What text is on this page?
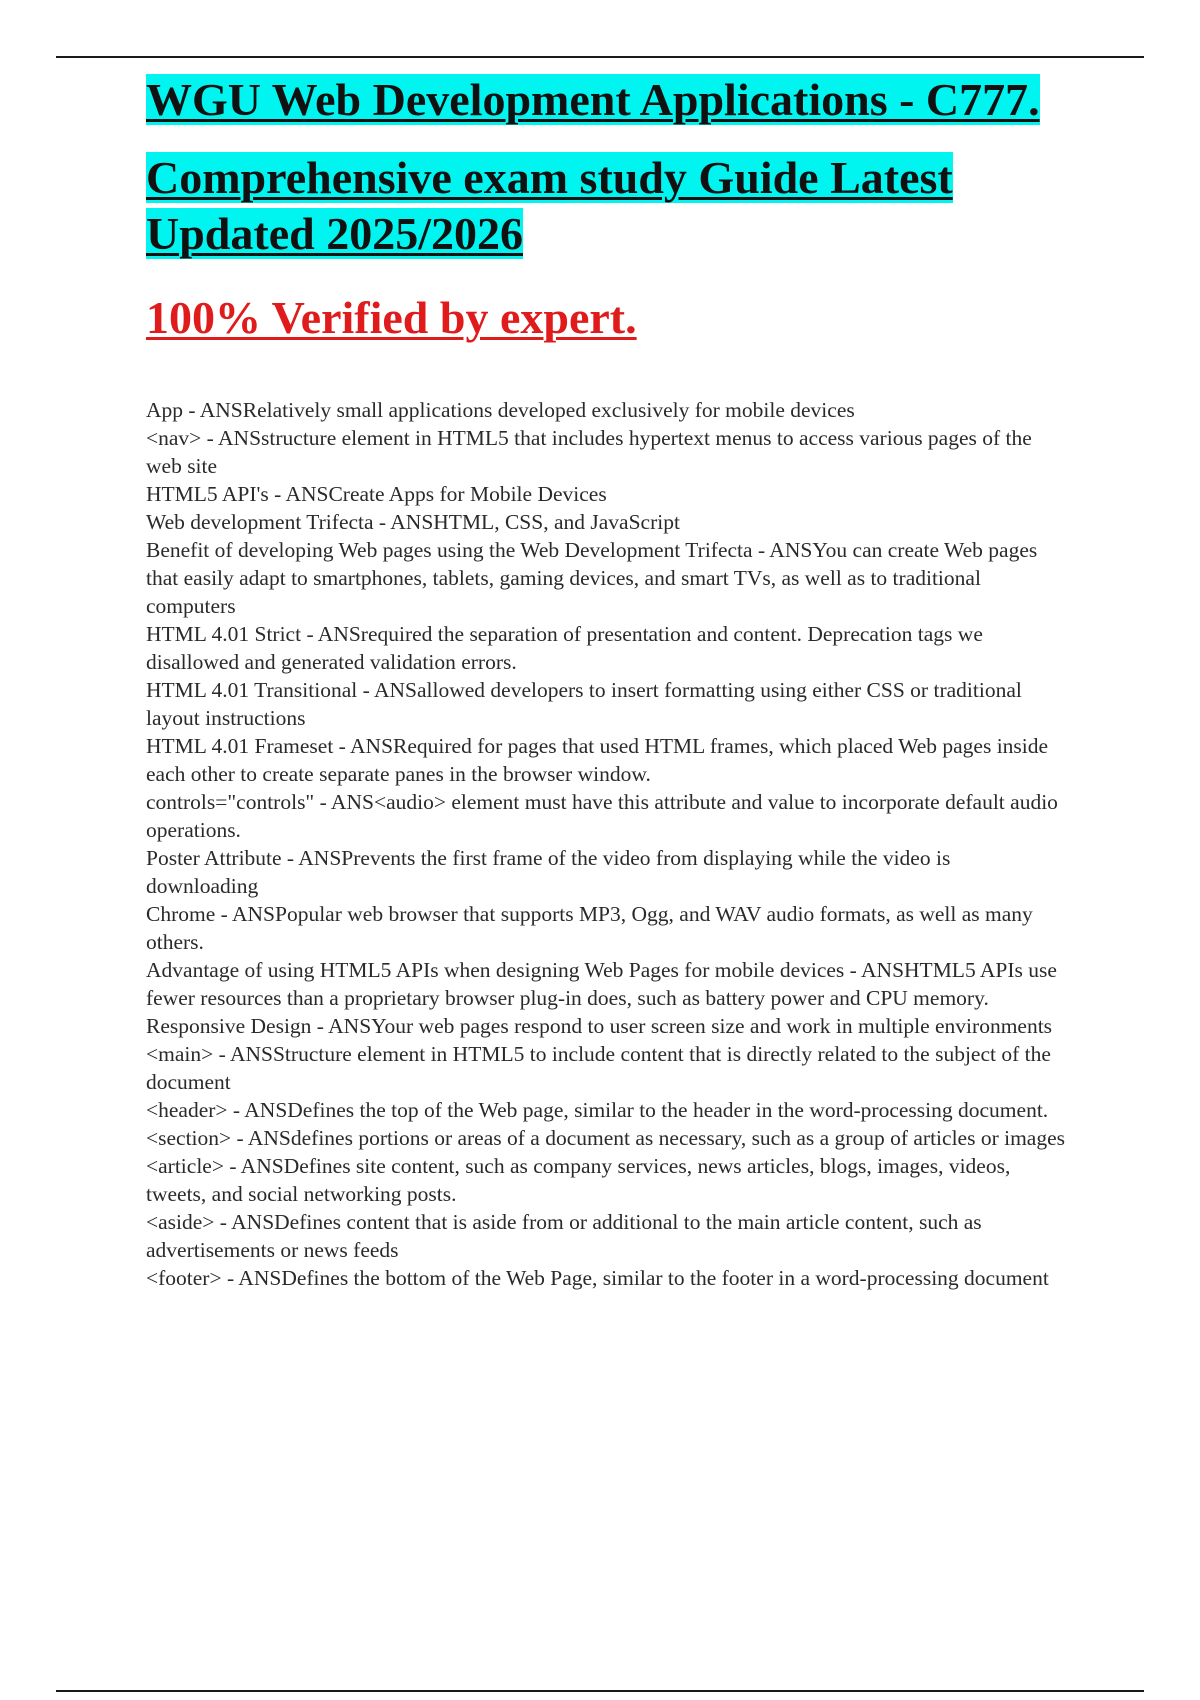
WGU Web Development Applications - C777.
Comprehensive exam study Guide Latest Updated 2025/2026

100% Verified by expert.

App - ANSRelatively small applications developed exclusively for mobile devices

<nav> - ANSstructure element in HTML5 that includes hypertext menus to access various pages of the web site

HTML5 API's - ANSCreate Apps for Mobile Devices

Web development Trifecta - ANSHTML, CSS, and JavaScript

Benefit of developing Web pages using the Web Development Trifecta - ANSYou can create Web pages that easily adapt to smartphones, tablets, gaming devices, and smart TVs, as well as to traditional computers

HTML 4.01 Strict - ANSrequired the separation of presentation and content. Deprecation tags we disallowed and generated validation errors.

HTML 4.01 Transitional - ANSallowed developers to insert formatting using either CSS or traditional layout instructions

HTML 4.01 Frameset - ANSRequired for pages that used HTML frames, which placed Web pages inside each other to create separate panes in the browser window.

controls="controls" - ANS<audio> element must have this attribute and value to incorporate default audio operations.

Poster Attribute - ANSPrevents the first frame of the video from displaying while the video is downloading

Chrome - ANSPopular web browser that supports MP3, Ogg, and WAV audio formats, as well as many others.

Advantage of using HTML5 APIs when designing Web Pages for mobile devices - ANSHTML5 APIs use fewer resources than a proprietary browser plug-in does, such as battery power and CPU memory.

Responsive Design - ANSYour web pages respond to user screen size and work in multiple environments

<main> - ANSStructure element in HTML5 to include content that is directly related to the subject of the document

<header> - ANSDefines the top of the Web page, similar to the header in the word-processing document.

<section> - ANSdefines portions or areas of a document as necessary, such as a group of articles or images

<article> - ANSDefines site content, such as company services, news articles, blogs, images, videos, tweets, and social networking posts.

<aside> - ANSDefines content that is aside from or additional to the main article content, such as advertisements or news feeds

<footer> - ANSDefines the bottom of the Web Page, similar to the footer in a word-processing document
